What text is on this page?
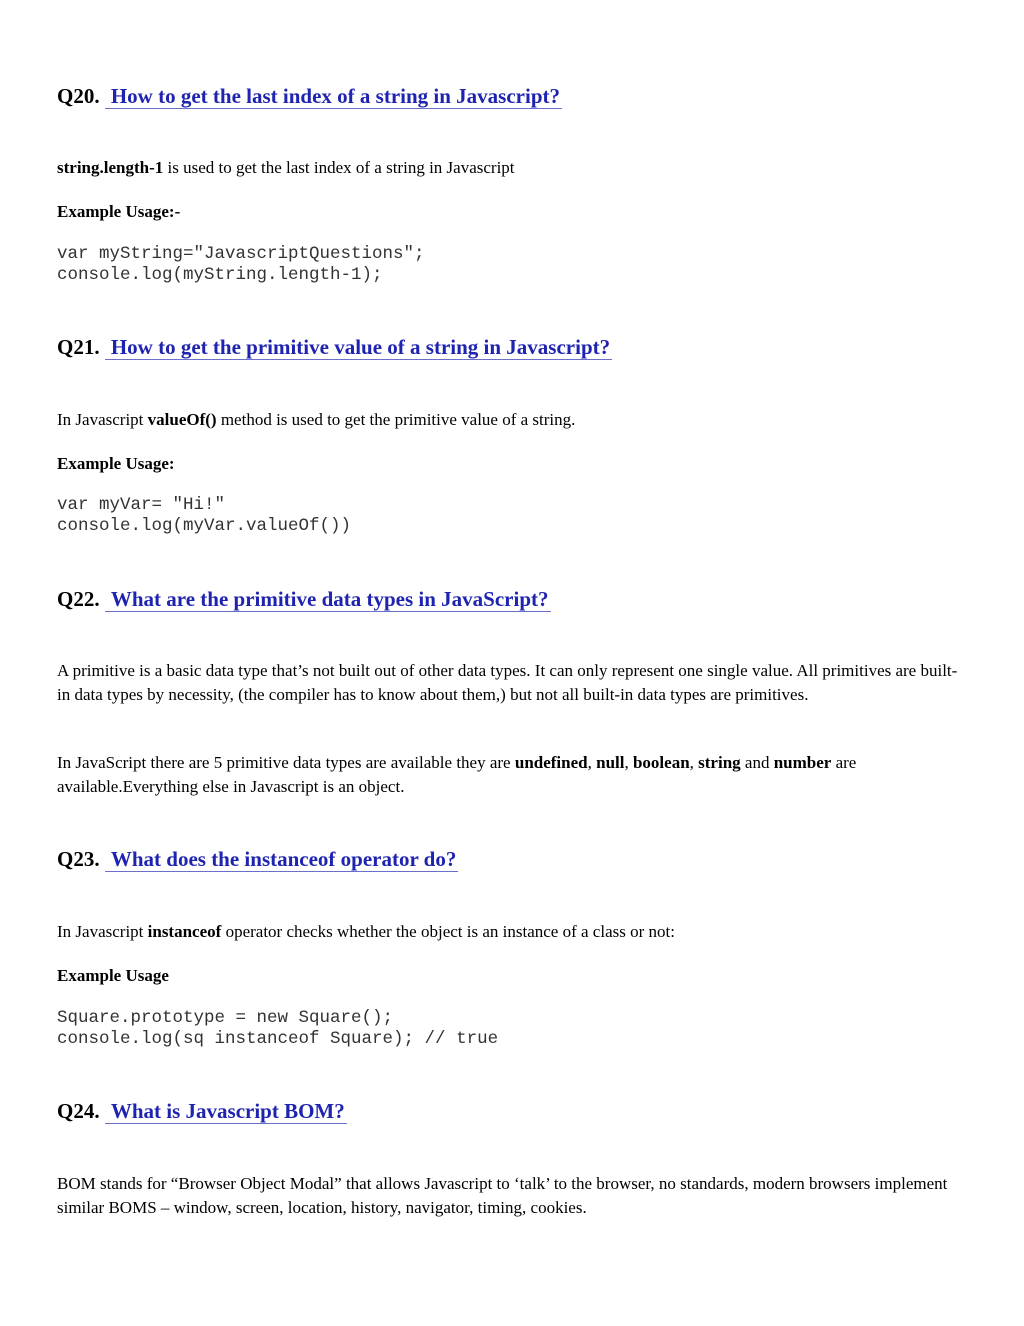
Q20. How to get the last index of a string in Javascript?
string.length-1 is used to get the last index of a string in Javascript
Example Usage:-
var myString="JavascriptQuestions";
console.log(myString.length-1);
Q21. How to get the primitive value of a string in Javascript?
In Javascript valueOf() method is used to get the primitive value of a string.
Example Usage:
var myVar= "Hi!"
console.log(myVar.valueOf())
Q22. What are the primitive data types in JavaScript?
A primitive is a basic data type that’s not built out of other data types. It can only represent one single value. All primitives are built-in data types by necessity, (the compiler has to know about them,) but not all built-in data types are primitives.
In JavaScript there are 5 primitive data types are available they are undefined, null, boolean, string and number are available.Everything else in Javascript is an object.
Q23. What does the instanceof operator do?
In Javascript instanceof operator checks whether the object is an instance of a class or not:
Example Usage
Square.prototype = new Square();
console.log(sq instanceof Square); // true
Q24. What is Javascript BOM?
BOM stands for “Browser Object Modal” that allows Javascript to ‘talk’ to the browser, no standards, modern browsers implement similar BOMS – window, screen, location, history, navigator, timing, cookies.
